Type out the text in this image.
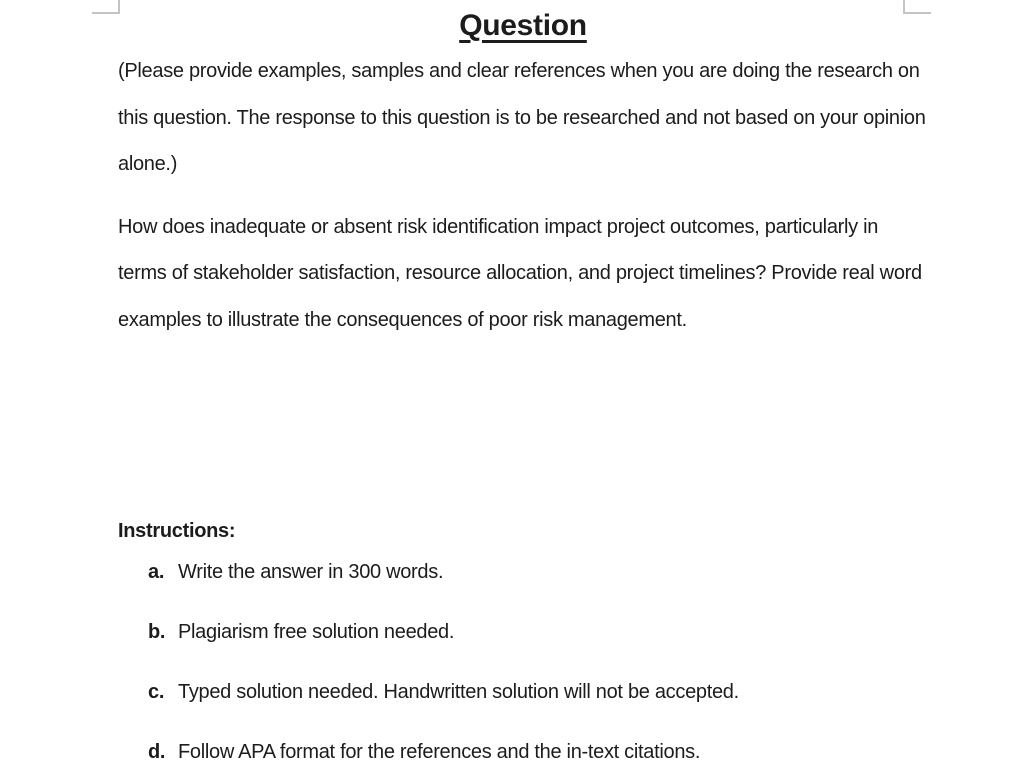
Question

(Please provide examples, samples and clear references when you are doing the research on this question. The response to this question is to be researched and not based on your opinion alone.)

How does inadequate or absent risk identification impact project outcomes, particularly in terms of stakeholder satisfaction, resource allocation, and project timelines? Provide real word examples to illustrate the consequences of poor risk management.

Instructions:
a. Write the answer in 300 words.
b. Plagiarism free solution needed.
c. Typed solution needed. Handwritten solution will not be accepted.
d. Follow APA format for the references and the in-text citations.
